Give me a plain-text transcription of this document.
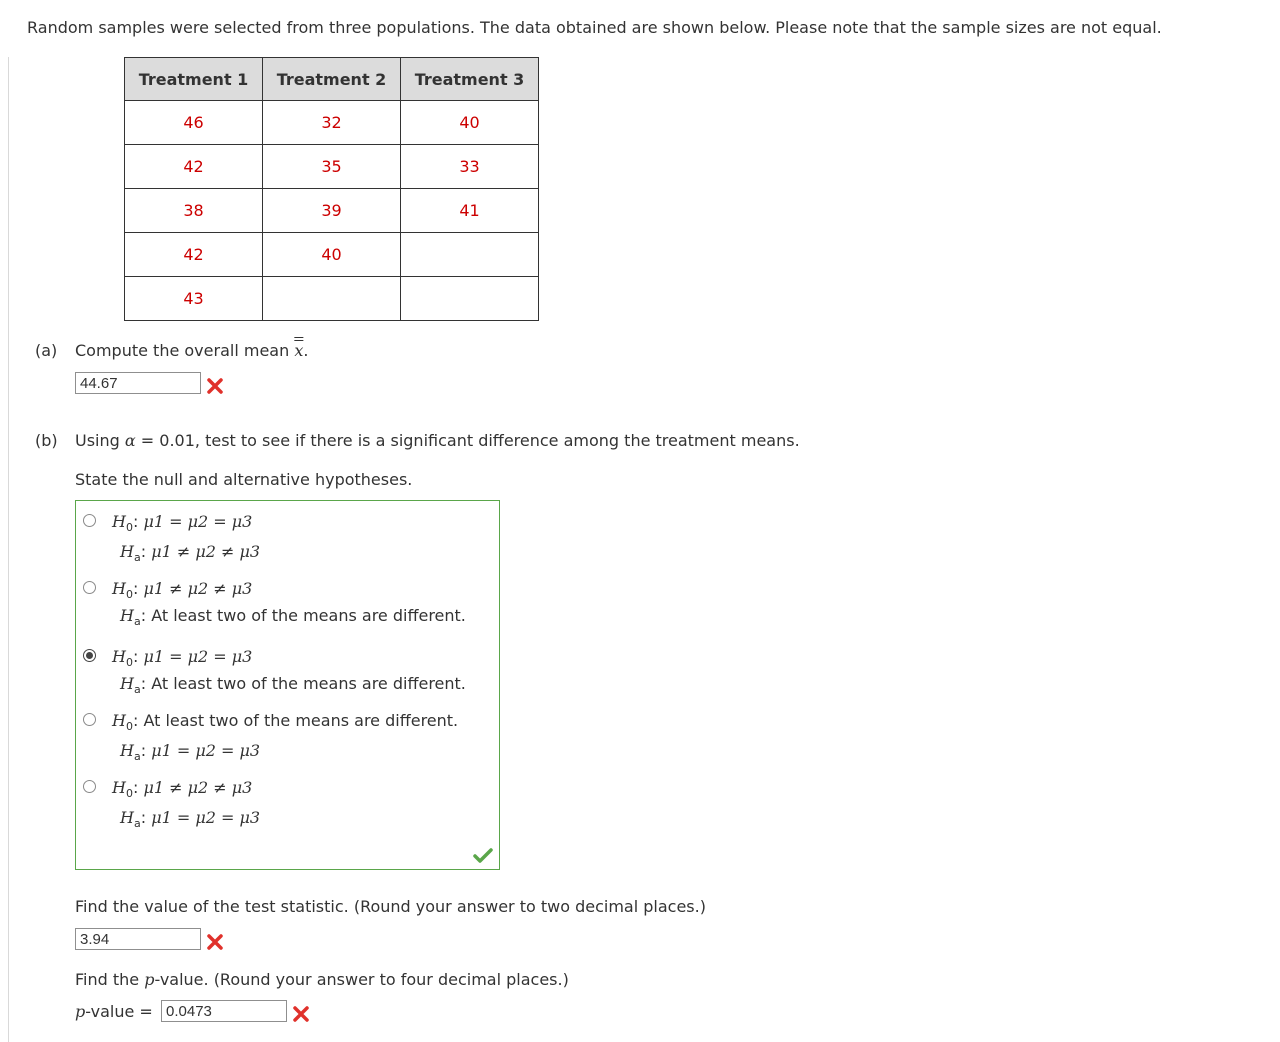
Random samples were selected from three populations. The data obtained are shown below. Please note that the sample sizes are not equal.
Treatment 1	Treatment 2	Treatment 3
46	32	40
42	35	33
38	39	41
42	40	
43		
(a) Compute the overall mean x.
44.67
(b) Using α = 0.01, test to see if there is a significant difference among the treatment means.
State the null and alternative hypotheses.
$H_0$: μ1 = μ2 = μ3
$H_a$: μ1 ≠ μ2 ≠ μ3
$H_0$: μ1 ≠ μ2 ≠ μ3
$H_a$: At least two of the means are different.
$H_0$: μ1 = μ2 = μ3
$H_a$: At least two of the means are different.
$H_0$: At least two of the means are different.
$H_a$: μ1 = μ2 = μ3
$H_0$: μ1 ≠ μ2 ≠ μ3
$H_a$: μ1 = μ2 = μ3
Find the value of the test statistic. (Round your answer to two decimal places.)
3.94
Find the p-value. (Round your answer to four decimal places.)
p-value =
0.0473
